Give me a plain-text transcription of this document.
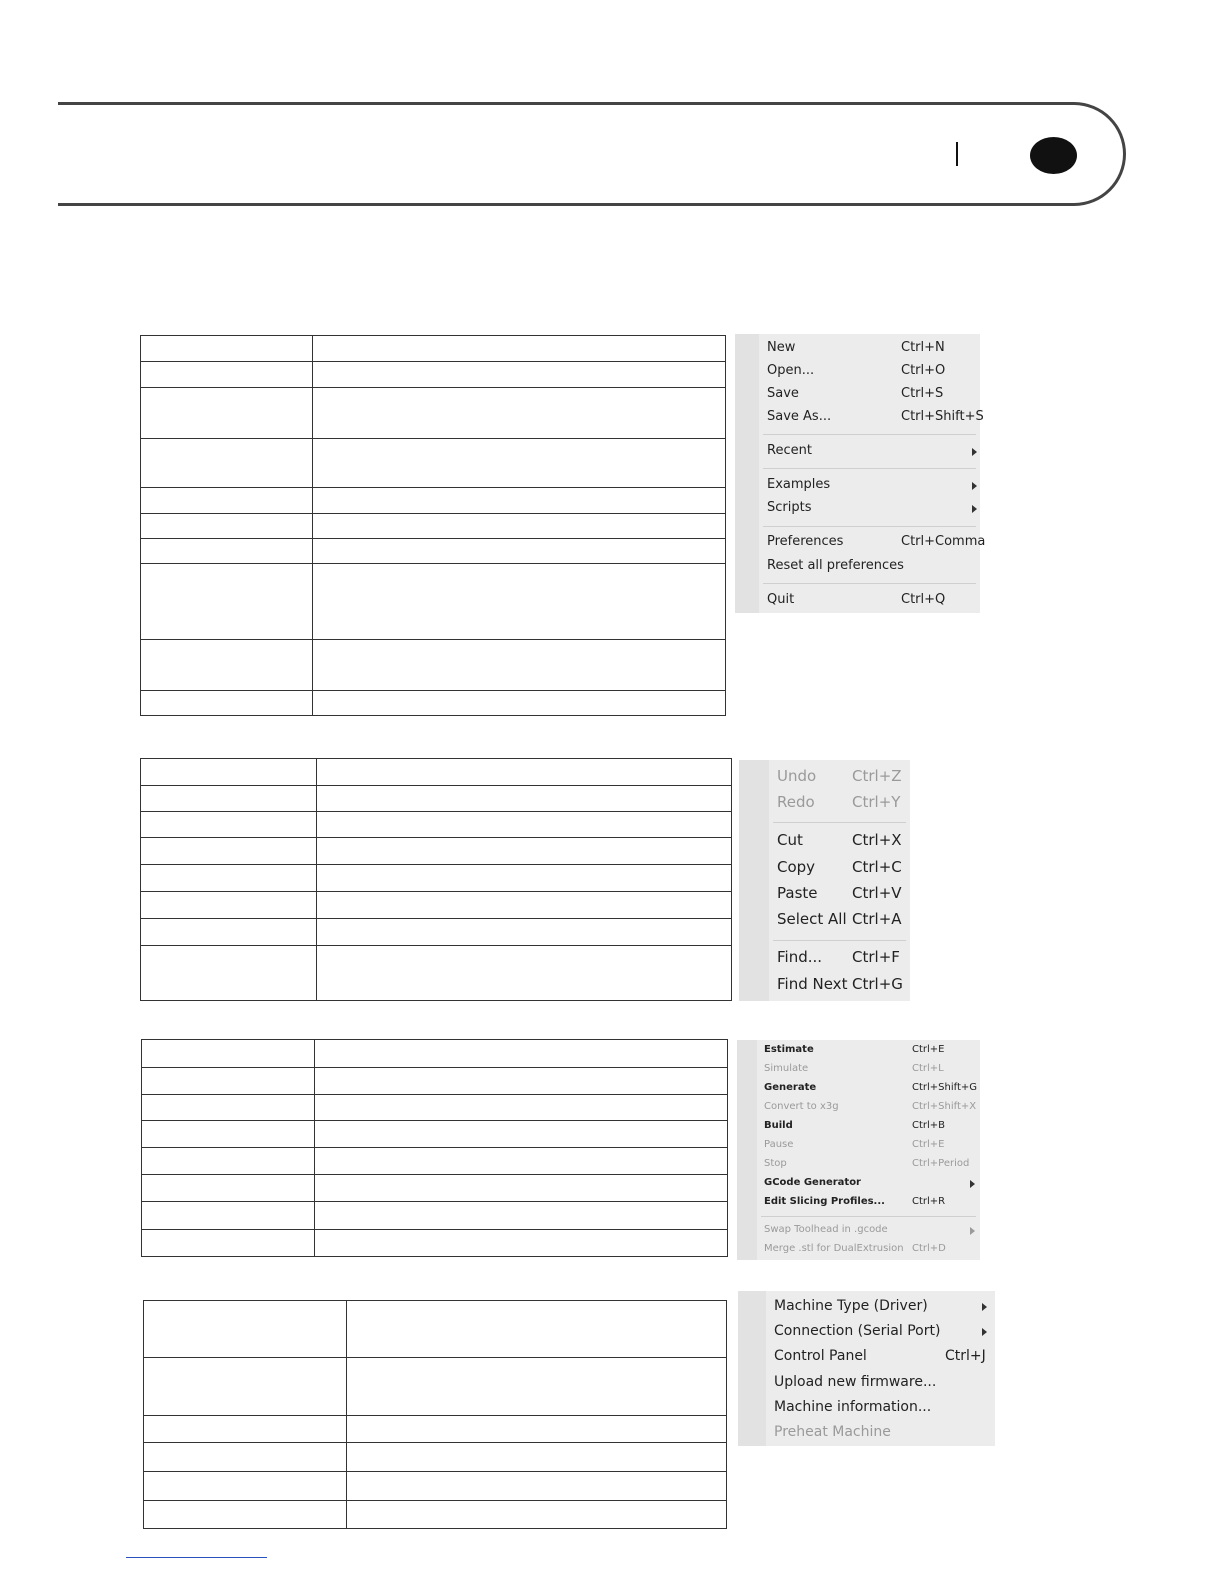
New	Ctrl+N
Open...	Ctrl+O
Save	Ctrl+S
Save As...	Ctrl+Shift+S
Recent
Examples
Scripts
Preferences	Ctrl+Comma
Reset all preferences
Quit	Ctrl+Q

Undo Ctrl+Z
Redo Ctrl+Y
Cut	Ctrl+X
Copy Ctrl+C
Paste Ctrl+V
Select All Ctrl+A
Find... Ctrl+F
Find Next Ctrl+G

Estimate	Ctrl+E
Simulate	Ctrl+L
Generate	Ctrl+Shift+G
Convert to x3g	Ctrl+Shift+X
Build	Ctrl+B
Pause	Ctrl+E
Stop	Ctrl+Period
GCode Generator
Edit Slicing Profiles...	Ctrl+R
Swap Toolhead in .gcode
Merge .stl for DualExtrusion Ctrl+D

Machine Type (Driver)
Connection (Serial Port)
Control Panel	Ctrl+J
Upload new firmware...
Machine information...
Preheat Machine
